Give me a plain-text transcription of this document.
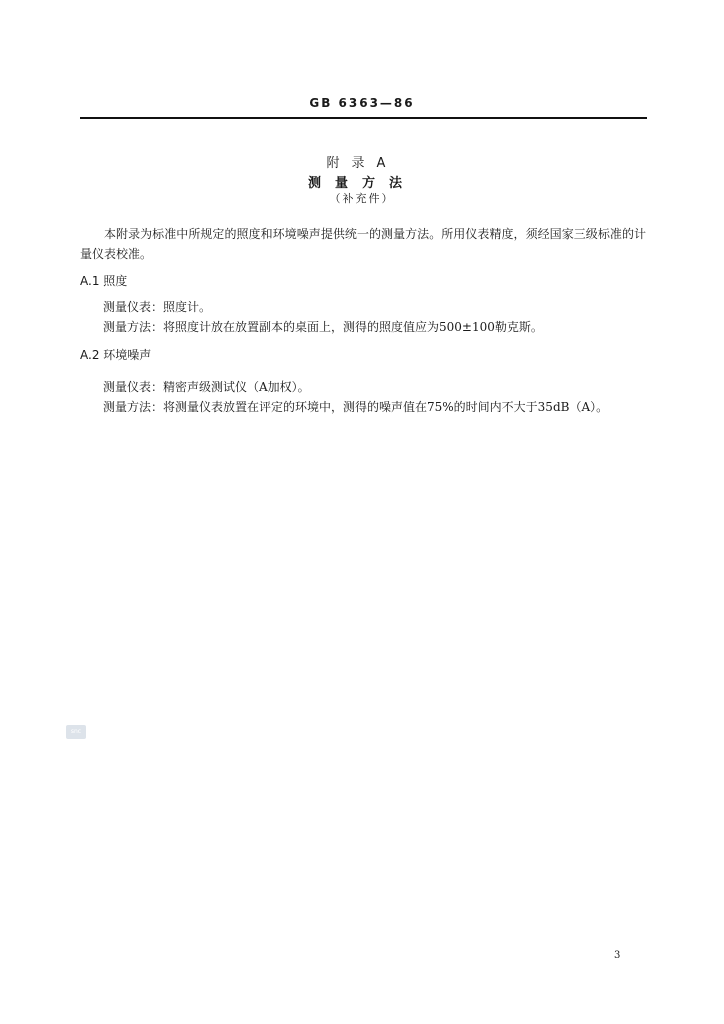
GB 6363—86
附录A
测量方法
（补充件）
本附录为标准中所规定的照度和环境噪声提供统一的测量方法。所用仪表精度，须经国家三级标准的计量仪表校准。
A.1 照度
测量仪表：照度计。
测量方法：将照度计放在放置副本的桌面上，测得的照度值应为500±100勒克斯。
A.2 环境噪声
测量仪表：精密声级测试仪（A加权）。
测量方法：将测量仪表放置在评定的环境中，测得的噪声值在75%的时间内不大于35dB（A）。
snc
3
